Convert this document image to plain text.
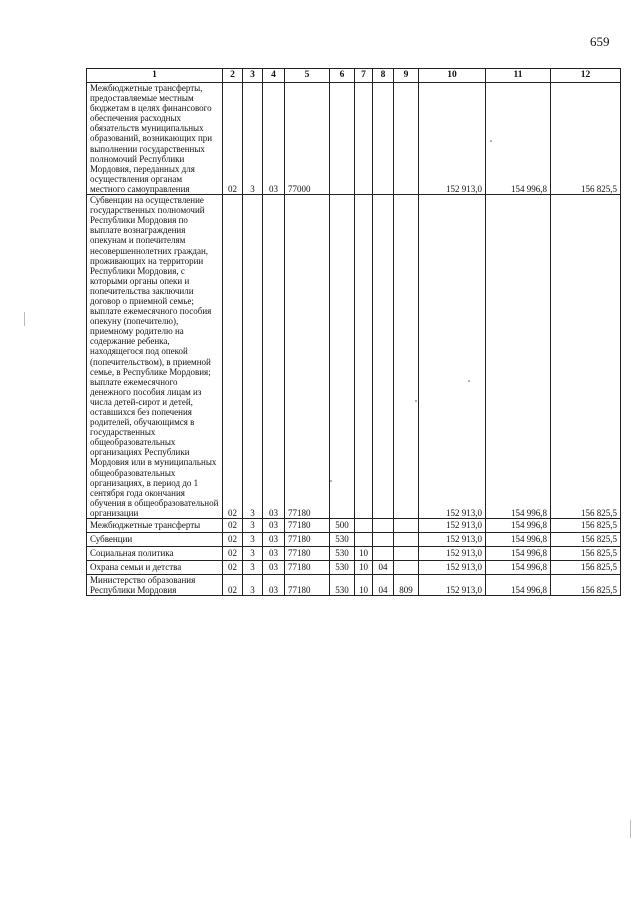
659
1	2	3	4	5	6	7	8	9	10	11	12
Межбюджетные трансферты, предоставляемые местным бюджетам в целях финансового обеспечения расходных обязательств муниципальных образований, возникающих при выполнении государственных полномочий Республики Мордовия, переданных для осуществления органам местного самоуправления	02	3	03	77000					152 913,0	154 996,8	156 825,5
Субвенции на осуществление государственных полномочий Республики Мордовия по выплате вознаграждения опекунам и попечителям несовершеннолетних граждан, проживающих на территории Республики Мордовия, с которыми органы опеки и попечительства заключили договор о приемной семье; выплате ежемесячного пособия опекуну (попечителю), приемному родителю на содержание ребенка, находящегося под опекой (попечительством), в приемной семье, в Республике Мордовия; выплате ежемесячного денежного пособия лицам из числа детей-сирот и детей, оставшихся без попечения родителей, обучающимся в государственных общеобразовательных организациях Республики Мордовия или в муниципальных общеобразовательных организациях, в период до 1 сентября года окончания обучения в общеобразовательной организации	02	3	03	77180					152 913,0	154 996,8	156 825,5
Межбюджетные трансферты	02	3	03	77180	500				152 913,0	154 996,8	156 825,5
Субвенции	02	3	03	77180	530				152 913,0	154 996,8	156 825,5
Социальная политика	02	3	03	77180	530	10			152 913,0	154 996,8	156 825,5
Охрана семьи и детства	02	3	03	77180	530	10	04		152 913,0	154 996,8	156 825,5
Министерство образования Республики Мордовия	02	3	03	77180	530	10	04	809	152 913,0	154 996,8	156 825,5
